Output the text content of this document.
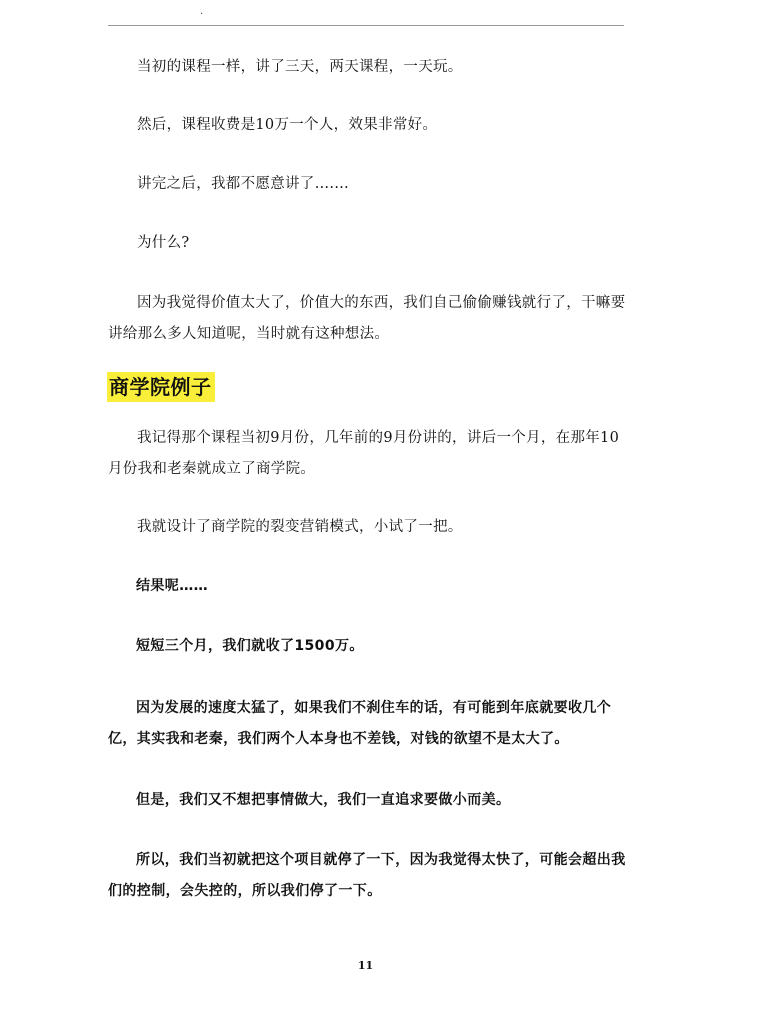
.

当初的课程一样，讲了三天，两天课程，一天玩。

然后，课程收费是10万一个人，效果非常好。

讲完之后，我都不愿意讲了….…

为什么?

因为我觉得价值太大了，价值大的东西，我们自己偷偷赚钱就行了，干嘛要讲给那么多人知道呢，当时就有这种想法。

商学院例子

我记得那个课程当初9月份，几年前的9月份讲的，讲后一个月，在那年10月份我和老秦就成立了商学院。

我就设计了商学院的裂变营销模式，小试了一把。

结果呢……

短短三个月，我们就收了1500万。

因为发展的速度太猛了，如果我们不刹住车的话，有可能到年底就要收几个亿，其实我和老秦，我们两个人本身也不差钱，对钱的欲望不是太大了。

但是，我们又不想把事情做大，我们一直追求要做小而美。

所以，我们当初就把这个项目就停了一下，因为我觉得太快了，可能会超出我们的控制，会失控的，所以我们停了一下。

11
